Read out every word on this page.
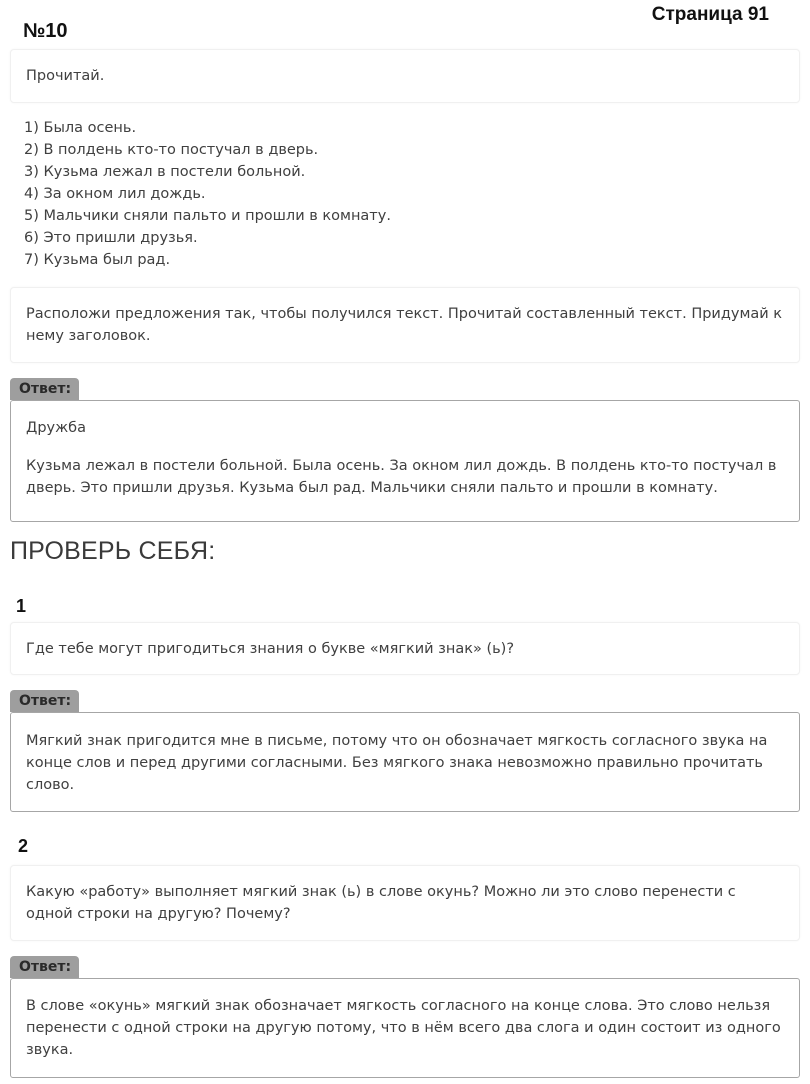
Страница 91
№10
Прочитай.
1) Была осень.
2) В полдень кто-то постучал в дверь.
3) Кузьма лежал в постели больной.
4) За окном лил дождь.
5) Мальчики сняли пальто и прошли в комнату.
6) Это пришли друзья.
7) Кузьма был рад.
Расположи предложения так, чтобы получился текст. Прочитай составленный текст. Придумай к нему заголовок.
Ответ:
Дружба
Кузьма лежал в постели больной. Была осень. За окном лил дождь. В полдень кто-то постучал в дверь. Это пришли друзья. Кузьма был рад. Мальчики сняли пальто и прошли в комнату.
ПРОВЕРЬ СЕБЯ:
1
Где тебе могут пригодиться знания о букве «мягкий знак» (ь)?
Ответ:
Мягкий знак пригодится мне в письме, потому что он обозначает мягкость согласного звука на конце слов и перед другими согласными. Без мягкого знака невозможно правильно прочитать слово.
2
Какую «работу» выполняет мягкий знак (ь) в слове окунь? Можно ли это слово перенести с одной строки на другую? Почему?
Ответ:
В слове «окунь» мягкий знак обозначает мягкость согласного на конце слова. Это слово нельзя перенести с одной строки на другую потому, что в нём всего два слога и один состоит из одного звука.
